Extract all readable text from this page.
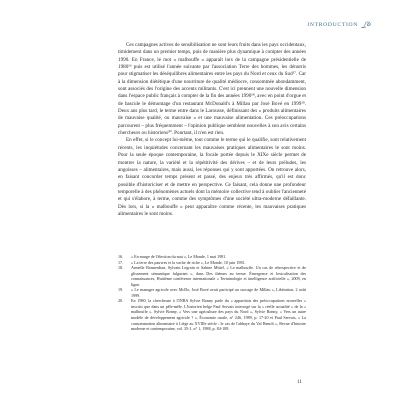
INTRODUCTION

Ces campagnes actives de sensibilisation ne sont leurs fruits dans les pays occidentaux, timidement dans un premier temps, puis de manière plus dynamique à compter des années 1990. En France, le mot « malbouffe » apparaît lors de la campagne présidentielle de 1980¹⁶ puis est utilisé l'année suivante par l'association Terre des hommes, les dénutris pour stigmatiser les déséquilibres alimentaires entre les pays du Nord et ceux du Sud¹⁷. Car à la dimension diététique d'une nourriture de qualité médiocre, consommée abondamment, sont associés des l'origine des accents militants. C'est ici prennent une nouvelle dimension dans l'espace public français à compter de la fin des années 1990¹⁸, avec en point d'orgue et de bascule le démontage d'un restaurant McDonald's à Millau par José Bové en 1999¹⁹. Deux ans plus tard, le terme entre dans le Larousse, définissant des « produits alimentaires de mauvaise qualité, ou mauvaise » et une mauvaise alimentation. Ces préoccupations parcourent – plus fréquemment – l'opinion publique semblent nouvelles à son avis certains chercheurs ou historiens²⁰. Pourtant, il n'en est rien.

En effet, si le concept lui-même, tout comme le terme qui le qualifie, sont relativement récents, les inquiétudes concernant les mauvaises pratiques alimentaires le sont moins. Pour la seule époque contemporaine, la focale portée depuis le XIXe siècle permet de montrer la nature, la variété et la répétitivité des dérives – et de leurs préludes, les angoisses – alimentaires, mais aussi, les réponses qui y sont apportées. On retrouve alors, en faisant concorder temps présent et passé, des enjeux très affirmés, qu'il est donc possible d'historiciser et de mettre en perspective. Ce faisant, cela donne une profondeur temporelle à des phénomènes actuels dont la mémoire collective tend à oublier l'ancienneté et qui s'élabore, à terme, comme des symptômes d'une société ultra-moderne défaillante. Dès lors, si la « malbouffe » peut apparaître comme récente, les mauvaises pratiques alimentaires le sont moins.

16.	« En marge de l'élection du mai », Le Monde, 1 mai 1981.
17.	« La terre des pauvres et la vache de riche », Le Monde, 10 juin 1981.
18.	Armelle Bonnerdian, Sylvain Legrain et Sabine Mittel, « La malbouffe. Un cas de rétrospective et de glissement sémantique fulgurant », dans Des thèmes au terme. Émergence et lexicalisation des connaissances, Huitième conférence internationale « Terminologie et intelligence artificielle », 2009, en ligne.
19.	« Le manager agricole avec McDo, José Bové avait participé au saccage de Millau », Libération, 2 août 1999.
20.	En 1980, la chercheuse à l'INRA Sylvie Bonny parle du « apparition des préoccupations nouvelles » inscrits que dans un pêle-mêle. L'historien belge Paul Servais interrogé sur la « réelle actualité » de la « malbouffe ». Sylvie Bonny, « Vers une agriculture des pays du Nord », Sylvie Bonny, « Vers un autre modèle de développement agricole ? », Économie rurale, n° 246, 1989, p. 17-20 et Paul Servais, « La consommation alimentaire à Liège au XVIIIe siècle : le cas de l'abbaye du Val Benoît », Revue d'histoire moderne et contemporaine, vol. 35-1, n° 1, 1988, p. 84-108.
11
